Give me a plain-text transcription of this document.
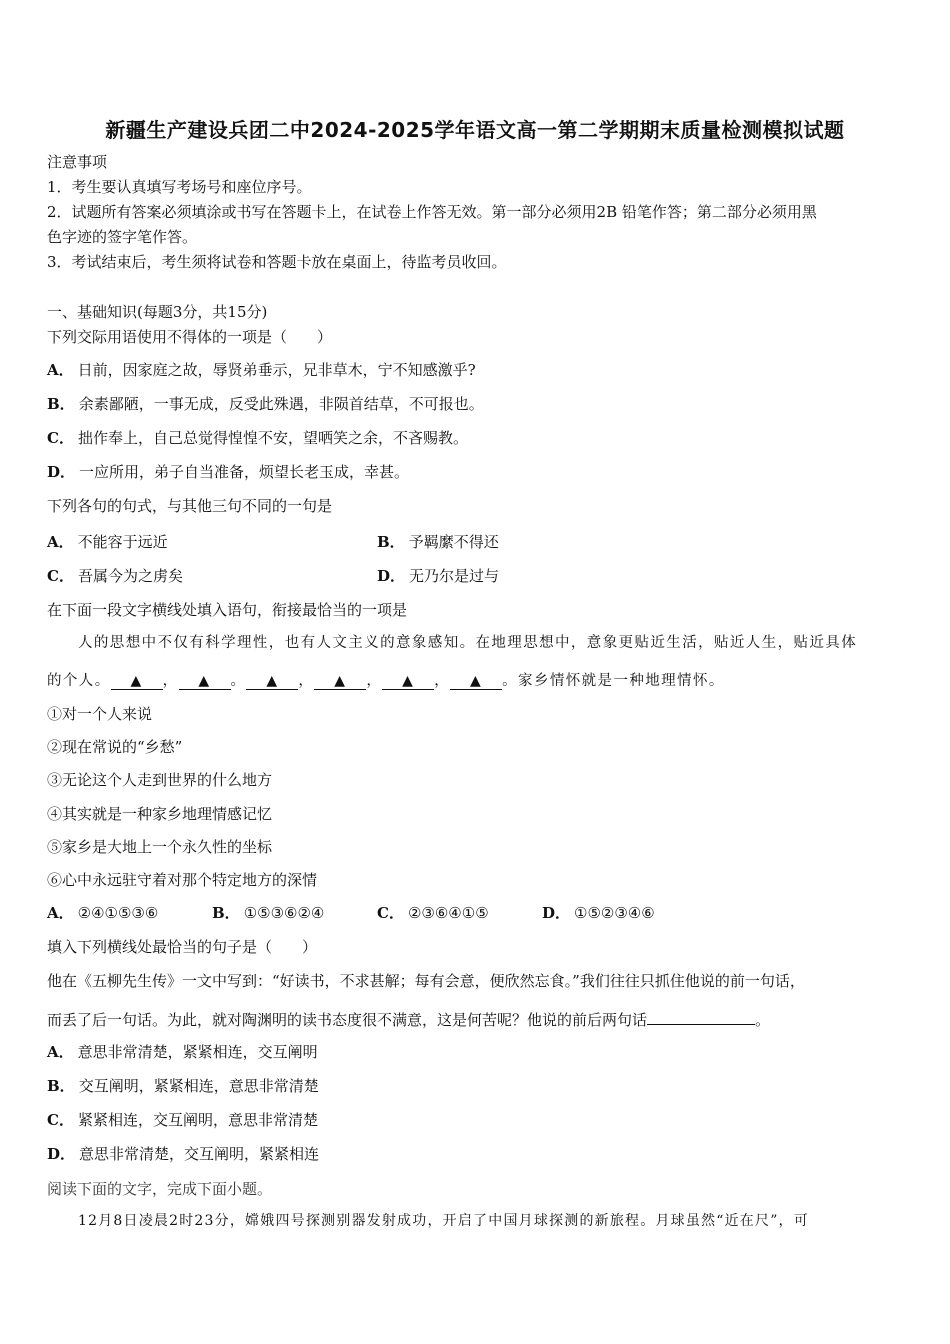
新疆生产建设兵团二中2024-2025学年语文高一第二学期期末质量检测模拟试题
注意事项
1．考生要认真填写考场号和座位序号。
2．试题所有答案必须填涂或书写在答题卡上，在试卷上作答无效。第一部分必须用2B 铅笔作答；第二部分必须用黑
色字迹的签字笔作答。
3．考试结束后，考生须将试卷和答题卡放在桌面上，待监考员收回。
一、基础知识(每题3分，共15分)
下列交际用语使用不得体的一项是（　　）
A． 日前，因家庭之故，辱贤弟垂示，兄非草木，宁不知感激乎?
B． 余素鄙陋，一事无成，反受此殊遇，非陨首结草，不可报也。
C． 拙作奉上，自己总觉得惶惶不安，望哂笑之余，不吝赐教。
D． 一应所用，弟子自当准备，烦望长老玉成，幸甚。
下列各句的句式，与其他三句不同的一句是
A． 不能容于远近	B． 予羁縻不得还
C． 吾属今为之虏矣	D． 无乃尔是过与
在下面一段文字横线处填入语句，衔接最恰当的一项是
人的思想中不仅有科学理性，也有人文主义的意象感知。在地理思想中，意象更贴近生活，贴近人生，贴近具体
的个人。 ▲ ， ▲ 。 ▲ ， ▲ ， ▲ ， ▲ 。家乡情怀就是一种地理情怀。
①对一个人来说
②现在常说的“乡愁”
③无论这个人走到世界的什么地方
④其实就是一种家乡地理情感记忆
⑤家乡是大地上一个永久性的坐标
⑥心中永远驻守着对那个特定地方的深情
A． ②④①⑤③⑥	B． ①⑤③⑥②④	C． ②③⑥④①⑤	D． ①⑤②③④⑥
填入下列横线处最恰当的句子是（　　）
他在《五柳先生传》一文中写到：“好读书，不求甚解；每有会意，便欣然忘食。”我们往往只抓住他说的前一句话，
而丢了后一句话。为此，就对陶渊明的读书态度很不满意，这是何苦呢？他说的前后两句话	。
A． 意思非常清楚，紧紧相连，交互阐明
B． 交互阐明，紧紧相连，意思非常清楚
C． 紧紧相连，交互阐明，意思非常清楚
D． 意思非常清楚，交互阐明，紧紧相连
阅读下面的文字，完成下面小题。
12月8日凌晨2时23分，嫦娥四号探测别器发射成功，开启了中国月球探测的新旅程。月球虽然“近在尺”，可
